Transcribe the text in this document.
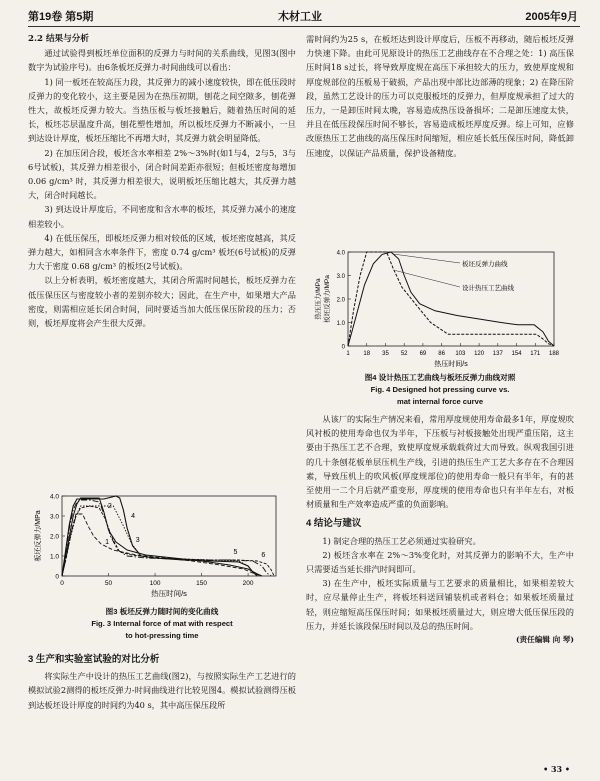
第19卷 第5期	木材工业	2005年9月
2.2 结果与分析

通过试验得到板坯单位面积的反弹力与时间的关系曲线，见图3(图中数字为试验序号)。由6条板坯反弹力-时间曲线可以看出：

1) 同一板坯在较高压力段，其反弹力的减小速度较快，即在低压段时反弹力的变化较小，这主要是因为在热压初期，刨花之间空隙多，刨花弹性大，故板坯反弹力较大。当热压板与板坯接触后，随着热压时间的延长，板坯芯层温度升高，刨花塑性增加，所以板坯反弹力不断减小，一旦到达设计厚度，板坯压缩比不再增大时，其反弹力就会明显降低。

2) 在加压闭合段，板坯含水率相差 2%～3%时(如1与4，2与5，3与6号试板)，其反弹力相差很小，闭合时间差距亦很短；但板坯密度每增加 0.06 g/cm³ 时，其反弹力相差很大，说明板坯压缩比越大，其反弹力越大，闭合时间越长。

3) 到达设计厚度后，不同密度和含水率的板坯，其反弹力减小的速度相差较小。

4) 在低压保压，即板坯反弹力相对较低的区域，板坯密度越高，其反弹力越大，如相同含水率条件下，密度 0.74 g/cm³ 板坯(6号试板)的反弹力大于密度 0.68 g/cm³ 的板坯(2号试板)。

以上分析表明，板坯密度越大，其闭合所需时间越长，板坯反弹力在低压保压区与密度较小者的差别亦较大；因此，在生产中，如果增大产品密度，则需相应延长闭合时间，同时要适当加大低压保压阶段的压力；否则，板坯厚度将会产生很大反弹。

0
1.0
2.0
3.0
4.0
0	50	100	150	200
1
2
3
4
5	6
热压时间/s
板坯反弹力/MPa
图3 板坯反弹力随时间的变化曲线
Fig. 3 Internal force of mat with respect
to hot-pressing time
3 生产和实验室试验的对比分析

将实际生产中设计的热压工艺曲线(图2)，与按照实际生产工艺进行的模拟试验2测得的板坯反弹力-时间曲线进行比较见图4。模拟试验测得压板到达板坯设计厚度的时间约为40 s，其中高压保压段所

需时间约为25 s，在板坯达到设计厚度后，压板不再移动，随后板坯反弹力快速下降。由此可见原设计的热压工艺曲线存在不合理之处：1) 高压保压时间18 s过长，将导致厚度规在高压下承担较大的压力，致使厚度规和厚度规部位的压板易于破损，产品出现中部比边部薄的现象；2) 在降压阶段，虽然工艺设计的压力可以克服板坯的反弹力，但厚度规承担了过大的压力，一是卸压时间太晚，容易造成热压设备损坏；二是卸压速度太快，并且在低压段保压时间不够长，容易造成板坯厚度反弹。综上可知，应修改原热压工艺曲线的高压保压时间缩短，相应延长低压保压时间，降低卸压速度，以保证产品质量，保护设备精度。

0
1.0
2.0
3.0
4.0
1 18 35 52 69 86 103 120 137 154 171 188
热压时间/s
热压压力/MPa 板坯反弹力/MPa
板坯反弹力曲线
设计热压工艺曲线
图4 设计热压工艺曲线与板坯反弹力曲线对照
Fig. 4 Designed hot pressing curve vs.
mat internal force curve

从该厂的实际生产情况来看，常用厚度规使用寿命最多1年，厚度规吹风衬板的使用寿命也仅为半年，下压板与衬板接触处出现严重压陷，这主要由于热压工艺不合理，致使厚度规承载载荷过大而导致。纵观我国引进的几十条刨花板单层压机生产线，引进的热压生产工艺大多存在不合理因素，导致压机上的吹风板(厚度规部位)的使用寿命一般只有半年，有的甚至使用一二个月后就严重变形，厚度规的使用寿命也只有半年左右，对板材质量和生产效率造成严重的负面影响。

4 结论与建议

1) 制定合理的热压工艺必须通过实验研究。

2) 板坯含水率在 2%～3%变化时，对其反弹力的影响不大，生产中只需要适当延长排汽时间即可。

3) 在生产中，板坯实际质量与工艺要求的质量相比，如果相差较大时，应尽量停止生产，将板坯料送回铺装机或者料仓；如果板坯质量过轻，则应缩短高压保压时间；如果板坯质量过大，则应增大低压保压段的压力，并延长该段保压时间以及总的热压时间。

(责任编辑 向 琴)
• 33 •
